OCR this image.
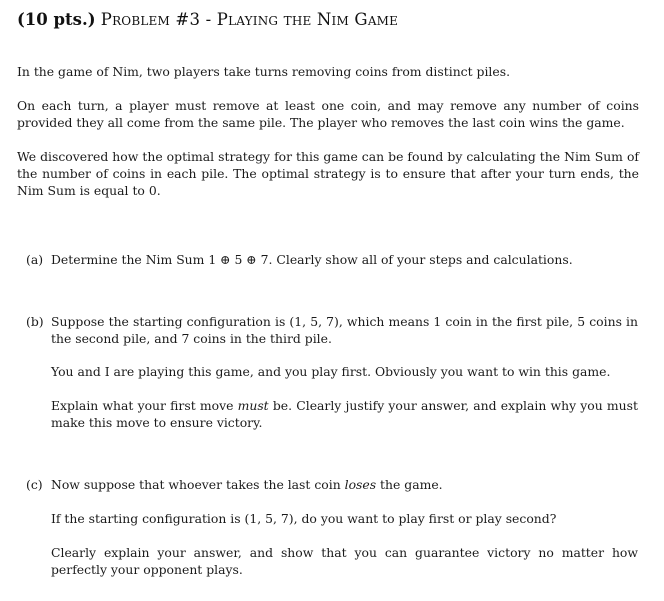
(10 pts.) Problem #3 - Playing the Nim Game
In the game of Nim, two players take turns removing coins from distinct piles.
On each turn, a player must remove at least one coin, and may remove any number of coins provided they all come from the same pile. The player who removes the last coin wins the game.
We discovered how the optimal strategy for this game can be found by calculating the Nim Sum of the number of coins in each pile. The optimal strategy is to ensure that after your turn ends, the Nim Sum is equal to 0.
(a) Determine the Nim Sum 1 ⊕ 5 ⊕ 7. Clearly show all of your steps and calculations.
(b) Suppose the starting configuration is (1, 5, 7), which means 1 coin in the first pile, 5 coins in the second pile, and 7 coins in the third pile.
You and I are playing this game, and you play first. Obviously you want to win this game.
Explain what your first move must be. Clearly justify your answer, and explain why you must make this move to ensure victory.
(c) Now suppose that whoever takes the last coin loses the game.
If the starting configuration is (1, 5, 7), do you want to play first or play second?
Clearly explain your answer, and show that you can guarantee victory no matter how perfectly your opponent plays.
